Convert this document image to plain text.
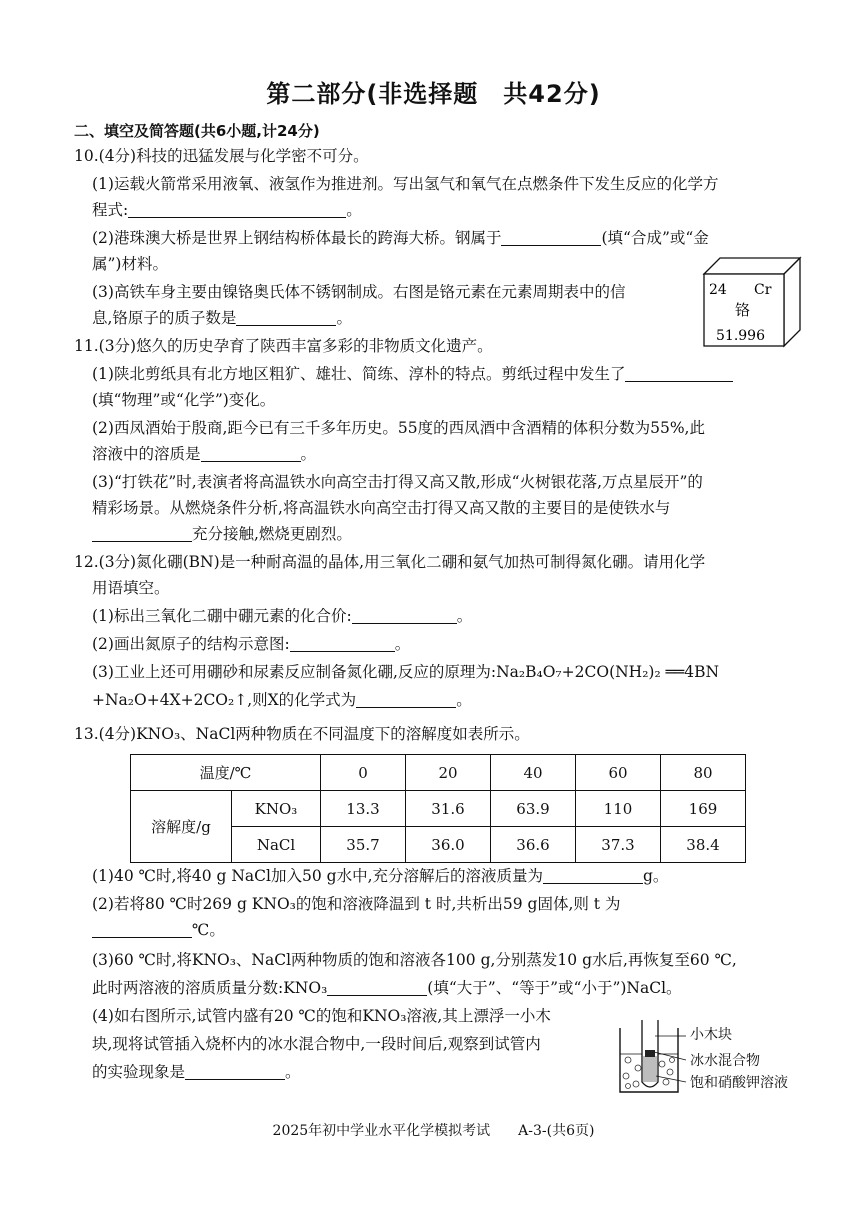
第二部分(非选择题　共42分)
二、填空及简答题(共6小题,计24分)
10.(4分)科技的迅猛发展与化学密不可分。
(1)运载火箭常采用液氧、液氢作为推进剂。写出氢气和氧气在点燃条件下发生反应的化学方
程式:	。
(2)港珠澳大桥是世界上钢结构桥体最长的跨海大桥。钢属于	(填“合成”或“金
属”)材料。
(3)高铁车身主要由镍铬奥氏体不锈钢制成。右图是铬元素在元素周期表中的信
息,铬原子的质子数是	。
24 Cr
铬
51.996
11.(3分)悠久的历史孕育了陕西丰富多彩的非物质文化遗产。
(1)陕北剪纸具有北方地区粗犷、雄壮、简练、淳朴的特点。剪纸过程中发生了
(填“物理”或“化学”)变化。
(2)西凤酒始于殷商,距今已有三千多年历史。55度的西凤酒中含酒精的体积分数为55%,此
溶液中的溶质是	。
(3)“打铁花”时,表演者将高温铁水向高空击打得又高又散,形成“火树银花落,万点星辰开”的
精彩场景。从燃烧条件分析,将高温铁水向高空击打得又高又散的主要目的是使铁水与
充分接触,燃烧更剧烈。
12.(3分)氮化硼(BN)是一种耐高温的晶体,用三氧化二硼和氨气加热可制得氮化硼。请用化学
用语填空。
(1)标出三氧化二硼中硼元素的化合价:	。
(2)画出氮原子的结构示意图:	。
(3)工业上还可用硼砂和尿素反应制备氮化硼,反应的原理为:Na₂B₄O₇+2CO(NH₂)₂ ══4BN
+Na₂O+4X+2CO₂↑,则X的化学式为	。
13.(4分)KNO₃、NaCl两种物质在不同温度下的溶解度如表所示。
温度/℃		0	20	40	60	80
溶解度/g	KNO₃	13.3	31.6	63.9	110	169
	NaCl	35.7	36.0	36.6	37.3	38.4
(1)40 ℃时,将40 g NaCl加入50 g水中,充分溶解后的溶液质量为	g。
(2)若将80 ℃时269 g KNO₃的饱和溶液降温到 t 时,共析出59 g固体,则 t 为
℃。
(3)60 ℃时,将KNO₃、NaCl两种物质的饱和溶液各100 g,分别蒸发10 g水后,再恢复至60 ℃,
此时两溶液的溶质质量分数:KNO₃	(填“大于”、“等于”或“小于”)NaCl。
(4)如右图所示,试管内盛有20 ℃的饱和KNO₃溶液,其上漂浮一小木
块,现将试管插入烧杯内的冰水混合物中,一段时间后,观察到试管内
的实验现象是	。
小木块
冰水混合物
饱和硝酸钾溶液
2025年初中学业水平化学模拟考试　　A-3-(共6页)
